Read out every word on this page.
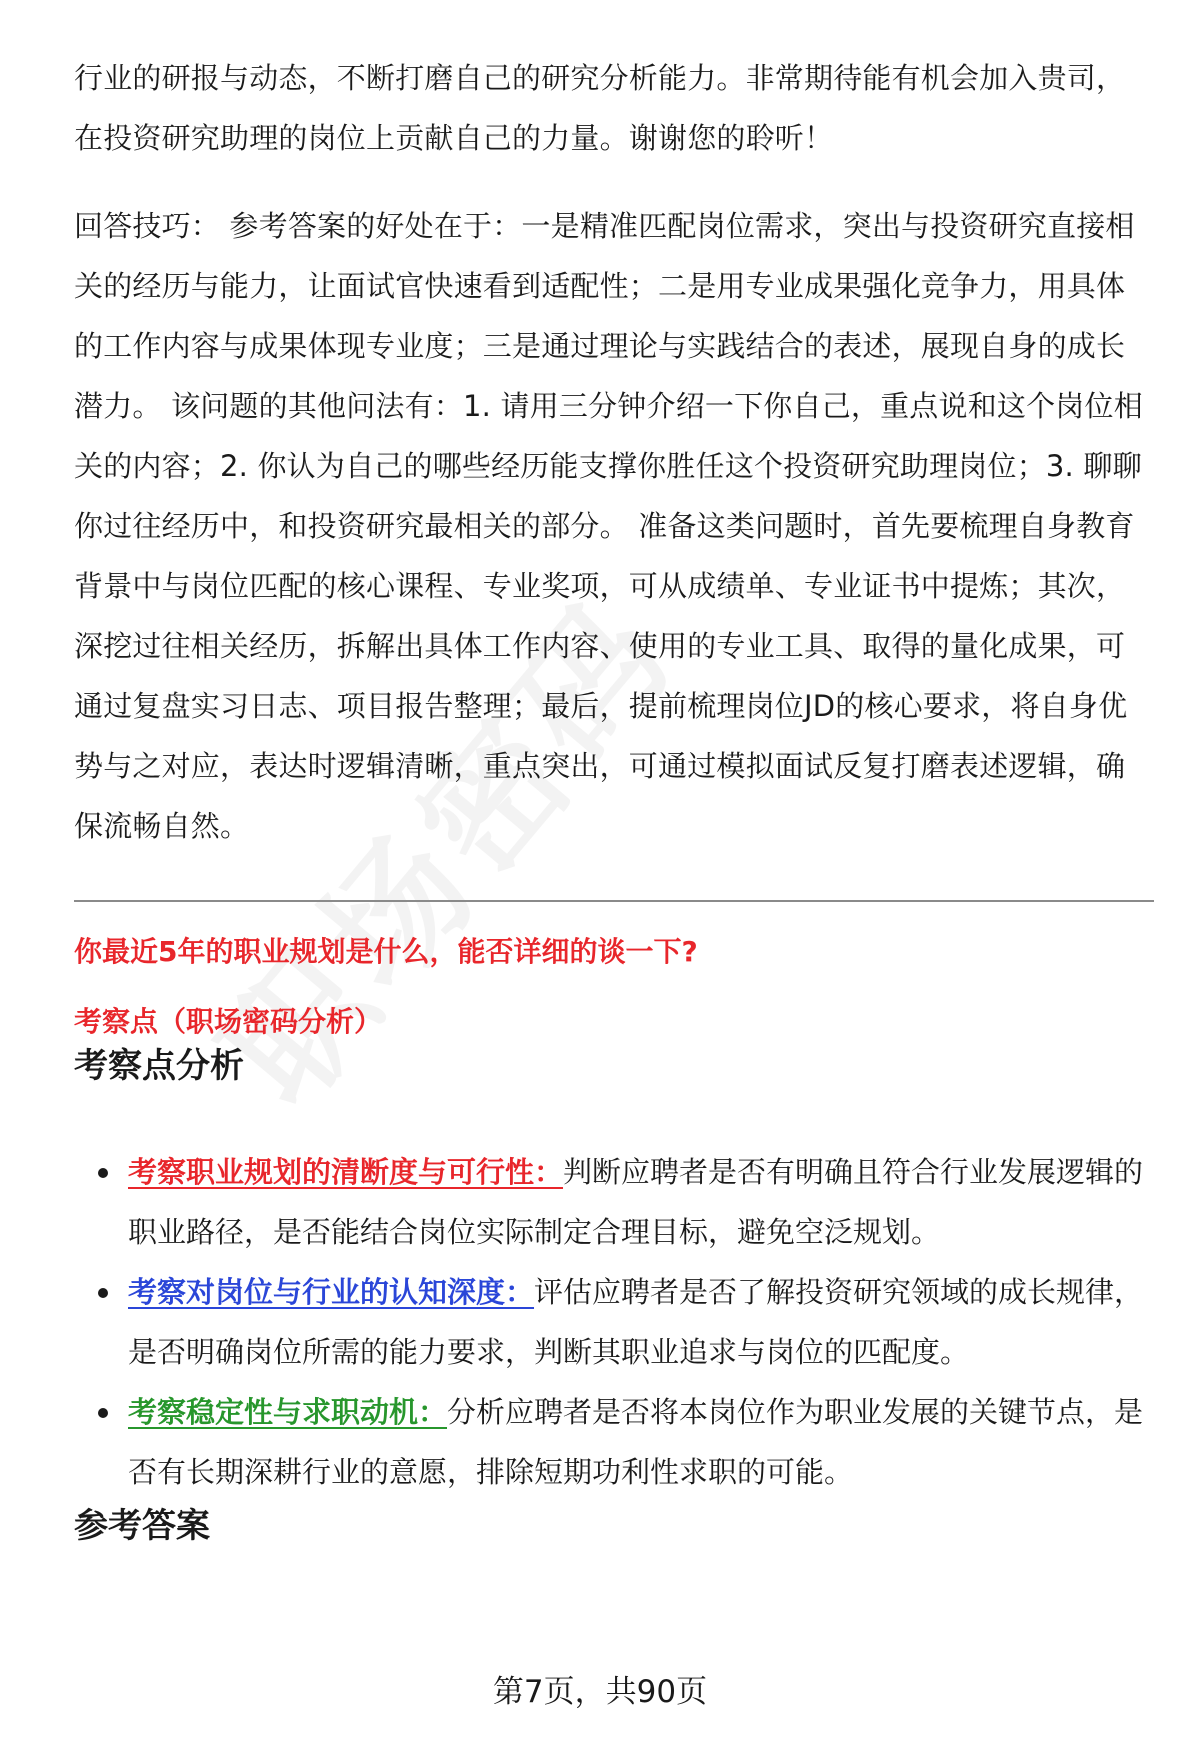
行业的研报与动态，不断打磨自己的研究分析能力。非常期待能有机会加入贵司，在投资研究助理的岗位上贡献自己的力量。谢谢您的聆听！

回答技巧： 参考答案的好处在于：一是精准匹配岗位需求，突出与投资研究直接相关的经历与能力，让面试官快速看到适配性；二是用专业成果强化竞争力，用具体的工作内容与成果体现专业度；三是通过理论与实践结合的表述，展现自身的成长潜力。 该问题的其他问法有：1. 请用三分钟介绍一下你自己，重点说和这个岗位相关的内容；2. 你认为自己的哪些经历能支撑你胜任这个投资研究助理岗位；3. 聊聊你过往经历中，和投资研究最相关的部分。 准备这类问题时，首先要梳理自身教育背景中与岗位匹配的核心课程、专业奖项，可从成绩单、专业证书中提炼；其次，深挖过往相关经历，拆解出具体工作内容、使用的专业工具、取得的量化成果，可通过复盘实习日志、项目报告整理；最后，提前梳理岗位JD的核心要求，将自身优势与之对应，表达时逻辑清晰，重点突出，可通过模拟面试反复打磨表述逻辑，确保流畅自然。

你最近5年的职业规划是什么，能否详细的谈一下?

考察点（职场密码分析）

考察点分析
考察职业规划的清断度与可行性：判断应聘者是否有明确且符合行业发展逻辑的职业路径，是否能结合岗位实际制定合理目标，避免空泛规划。
考察对岗位与行业的认知深度：评估应聘者是否了解投资研究领域的成长规律，是否明确岗位所需的能力要求，判断其职业追求与岗位的匹配度。
考察稳定性与求职动机：分析应聘者是否将本岗位作为职业发展的关键节点，是否有长期深耕行业的意愿，排除短期功利性求职的可能。
参考答案
第7页，共90页
